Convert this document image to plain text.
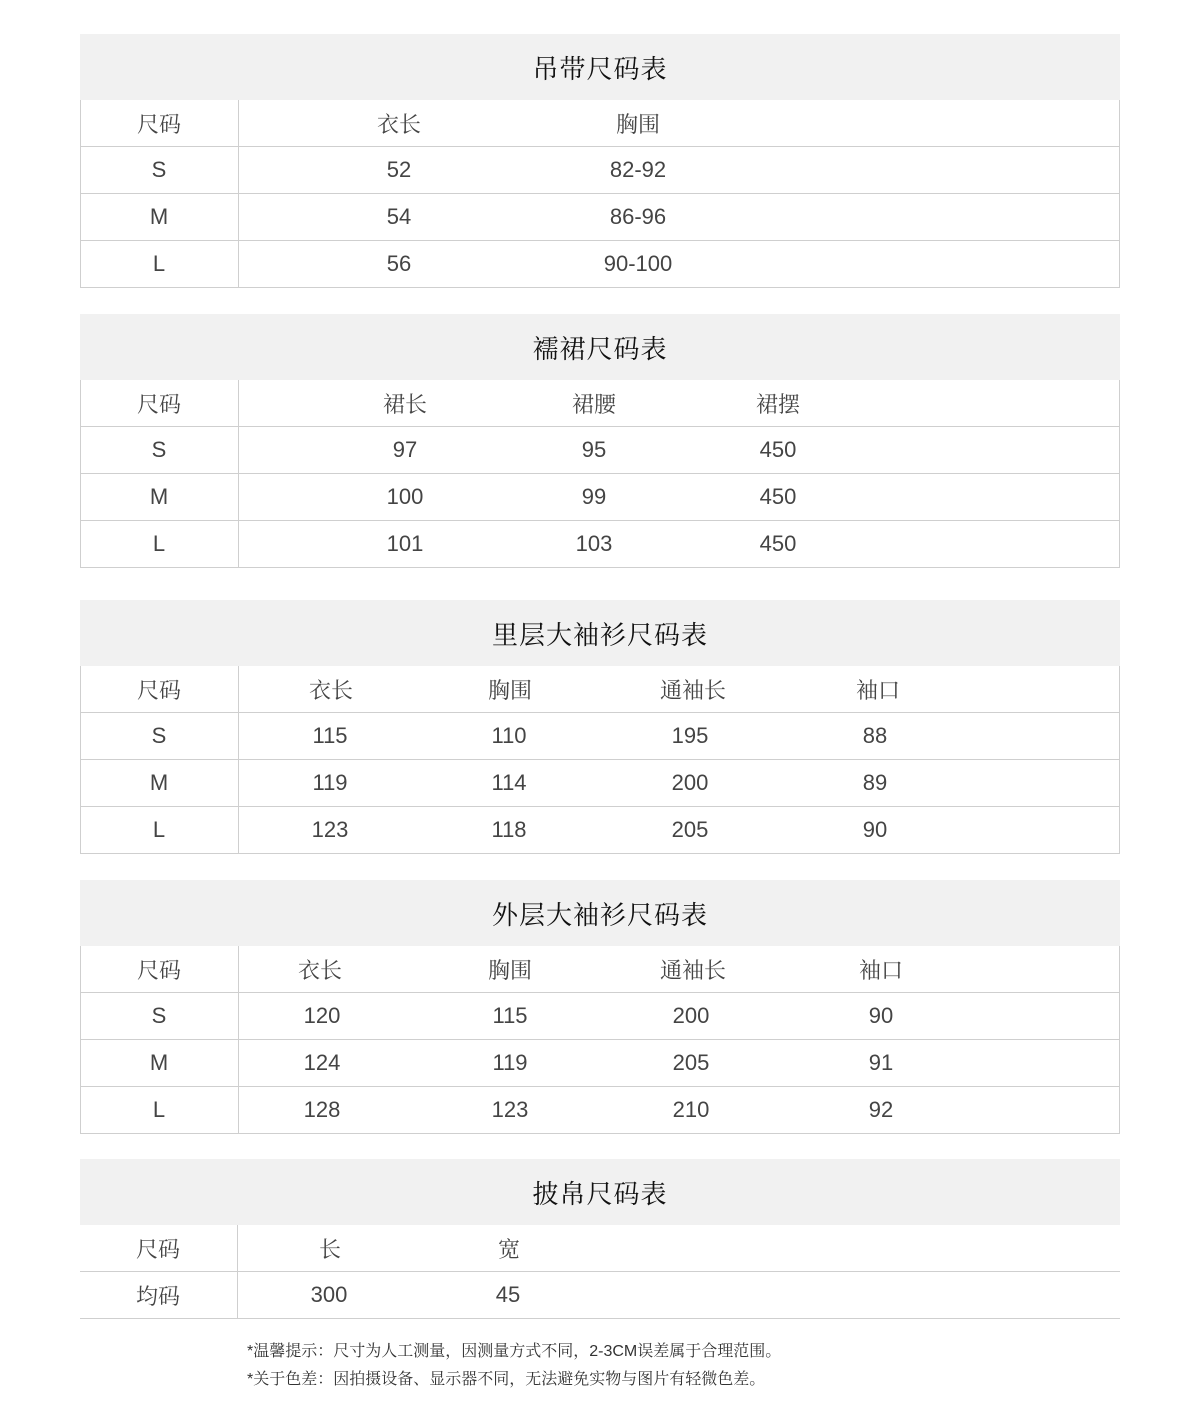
吊带尺码表
尺码	衣长	胸围
S	52	82-92
M	54	86-96
L	56	90-100
襦裙尺码表
尺码	裙长	裙腰	裙摆
S	97	95	450
M	100	99	450
L	101	103	450
里层大袖衫尺码表
尺码	衣长	胸围	通袖长	袖口
S	115	110	195	88
M	119	114	200	89
L	123	118	205	90
外层大袖衫尺码表
尺码	衣长	胸围	通袖长	袖口
S	120	115	200	90
M	124	119	205	91
L	128	123	210	92
披帛尺码表
尺码	长	宽
均码	300	45
*温馨提示：尺寸为人工测量，因测量方式不同，2-3CM误差属于合理范围。
*关于色差：因拍摄设备、显示器不同，无法避免实物与图片有轻微色差。
